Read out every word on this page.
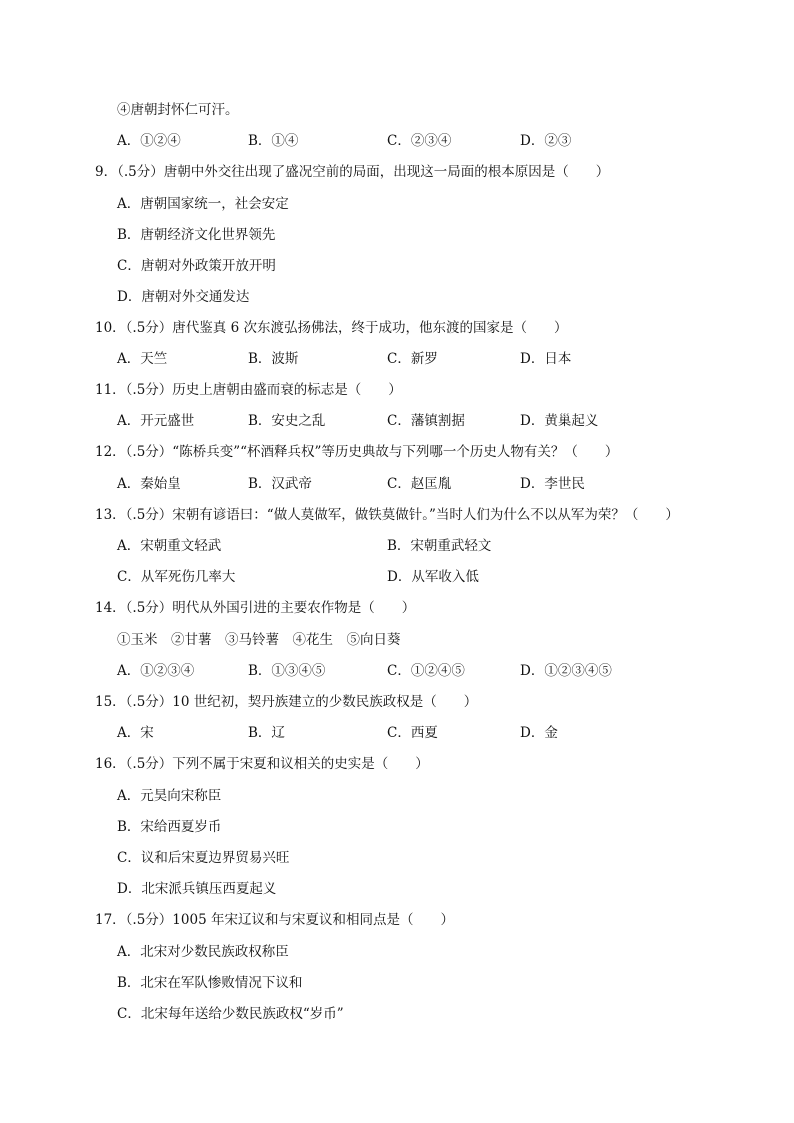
④唐朝封怀仁可汗。
A．①②④	B．①④	C．②③④	D．②③
9．（.5分）唐朝中外交往出现了盛况空前的局面，出现这一局面的根本原因是（　　）
A．唐朝国家统一，社会安定
B．唐朝经济文化世界领先
C．唐朝对外政策开放开明
D．唐朝对外交通发达
10．（.5分）唐代鉴真 6 次东渡弘扬佛法，终于成功，他东渡的国家是（　　）
A．天竺	B．波斯	C．新罗	D．日本
11．（.5分）历史上唐朝由盛而衰的标志是（　　）
A．开元盛世	B．安史之乱	C．藩镇割据	D．黄巢起义
12．（.5分）“陈桥兵变”“杯酒释兵权”等历史典故与下列哪一个历史人物有关？（　　）
A．秦始皇	B．汉武帝	C．赵匡胤	D．李世民
13．（.5分）宋朝有谚语曰：“做人莫做军，做铁莫做针。”当时人们为什么不以从军为荣？（　　）
A．宋朝重文轻武	B．宋朝重武轻文
C．从军死伤几率大	D．从军收入低
14．（.5分）明代从外国引进的主要农作物是（　　）
①玉米　②甘薯　③马铃薯　④花生　⑤向日葵
A．①②③④	B．①③④⑤	C．①②④⑤	D．①②③④⑤
15．（.5分）10 世纪初，契丹族建立的少数民族政权是（　　）
A．宋	B．辽	C．西夏	D．金
16．（.5分）下列不属于宋夏和议相关的史实是（　　）
A．元昊向宋称臣
B．宋给西夏岁币
C．议和后宋夏边界贸易兴旺
D．北宋派兵镇压西夏起义
17．（.5分）1005 年宋辽议和与宋夏议和相同点是（　　）
A．北宋对少数民族政权称臣
B．北宋在军队惨败情况下议和
C．北宋每年送给少数民族政权“岁币”
